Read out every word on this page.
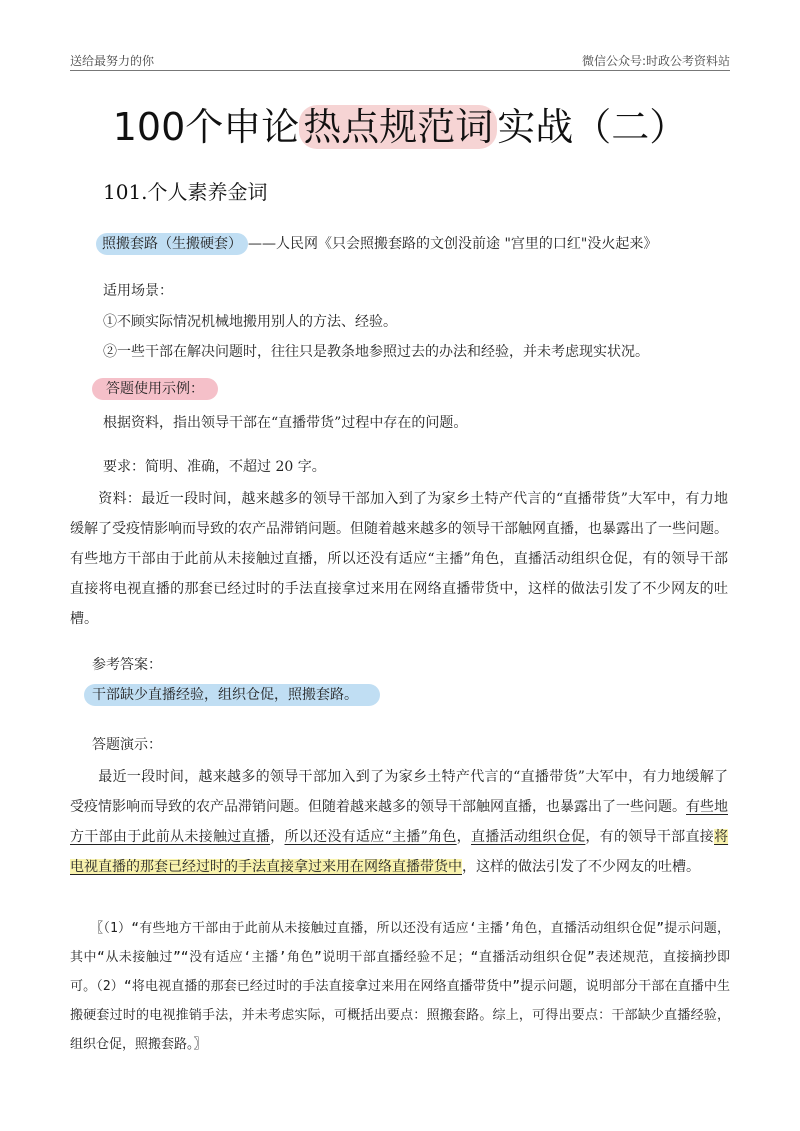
送给最努力的你	微信公众号:时政公考资料站
100个申论 热点规范词 实战（二）
101.个人素养金词
照搬套路（生搬硬套） ——人民网《只会照搬套路的文创没前途 "宫里的口红"没火起来》
适用场景：
①不顾实际情况机械地搬用别人的方法、经验。
②一些干部在解决问题时，往往只是教条地参照过去的办法和经验，并未考虑现实状况。
答题使用示例：
根据资料，指出领导干部在“直播带货”过程中存在的问题。
要求：简明、准确，不超过 20 字。
资料：最近一段时间，越来越多的领导干部加入到了为家乡土特产代言的“直播带货”大军中，有力地缓解了受疫情影响而导致的农产品滞销问题。但随着越来越多的领导干部触网直播，也暴露出了一些问题。有些地方干部由于此前从未接触过直播，所以还没有适应“主播”角色，直播活动组织仓促，有的领导干部直接将电视直播的那套已经过时的手法直接拿过来用在网络直播带货中，这样的做法引发了不少网友的吐槽。
参考答案：
干部缺少直播经验，组织仓促，照搬套路。
答题演示：
最近一段时间，越来越多的领导干部加入到了为家乡土特产代言的“直播带货”大军中，有力地缓解了受疫情影响而导致的农产品滞销问题。但随着越来越多的领导干部触网直播，也暴露出了一些问题。有些地方干部由于此前从未接触过直播，所以还没有适应“主播”角色，直播活动组织仓促，有的领导干部直接将电视直播的那套已经过时的手法直接拿过来用在网络直播带货中，这样的做法引发了不少网友的吐槽。
〖（1）“有些地方干部由于此前从未接触过直播，所以还没有适应‘主播’角色，直播活动组织仓促”提示问题，其中“从未接触过”“没有适应‘主播’角色”说明干部直播经验不足；“直播活动组织仓促”表述规范，直接摘抄即可。（2）“将电视直播的那套已经过时的手法直接拿过来用在网络直播带货中”提示问题，说明部分干部在直播中生搬硬套过时的电视推销手法，并未考虑实际，可概括出要点：照搬套路。综上，可得出要点：干部缺少直播经验，组织仓促，照搬套路。〗
